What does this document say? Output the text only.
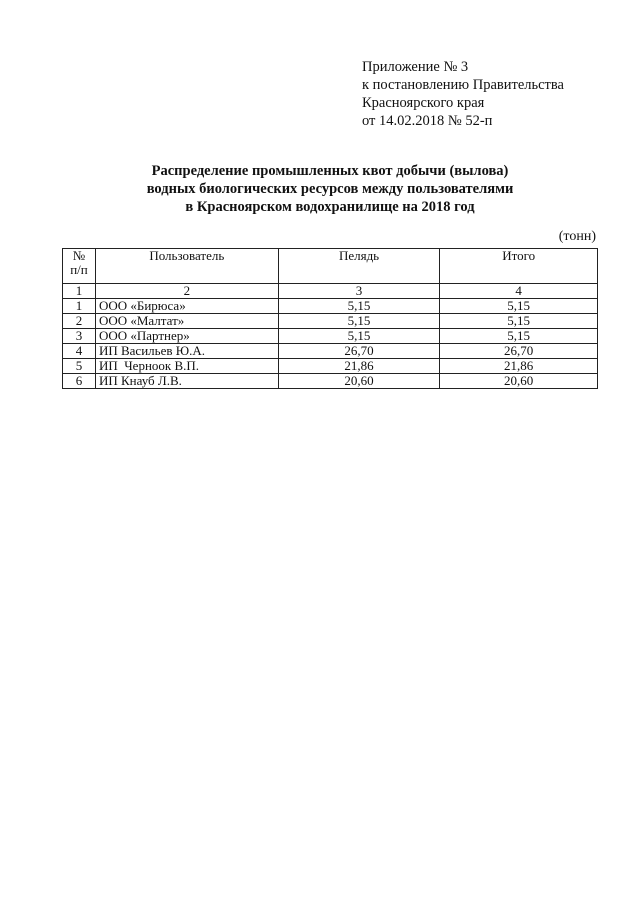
Приложение № 3
к постановлению Правительства
Красноярского края
от 14.02.2018 № 52-п
Распределение промышленных квот добычи (вылова)
водных биологических ресурсов между пользователями
в Красноярском водохранилище на 2018 год
(тонн)
№ п/п	Пользователь	Пелядь	Итого
1	2	3	4
1	ООО «Бирюса»	5,15	5,15
2	ООО «Малтат»	5,15	5,15
3	ООО «Партнер»	5,15	5,15
4	ИП Васильев Ю.А.	26,70	26,70
5	ИП  Черноок В.П.	21,86	21,86
6	ИП Кнауб Л.В.	20,60	20,60
